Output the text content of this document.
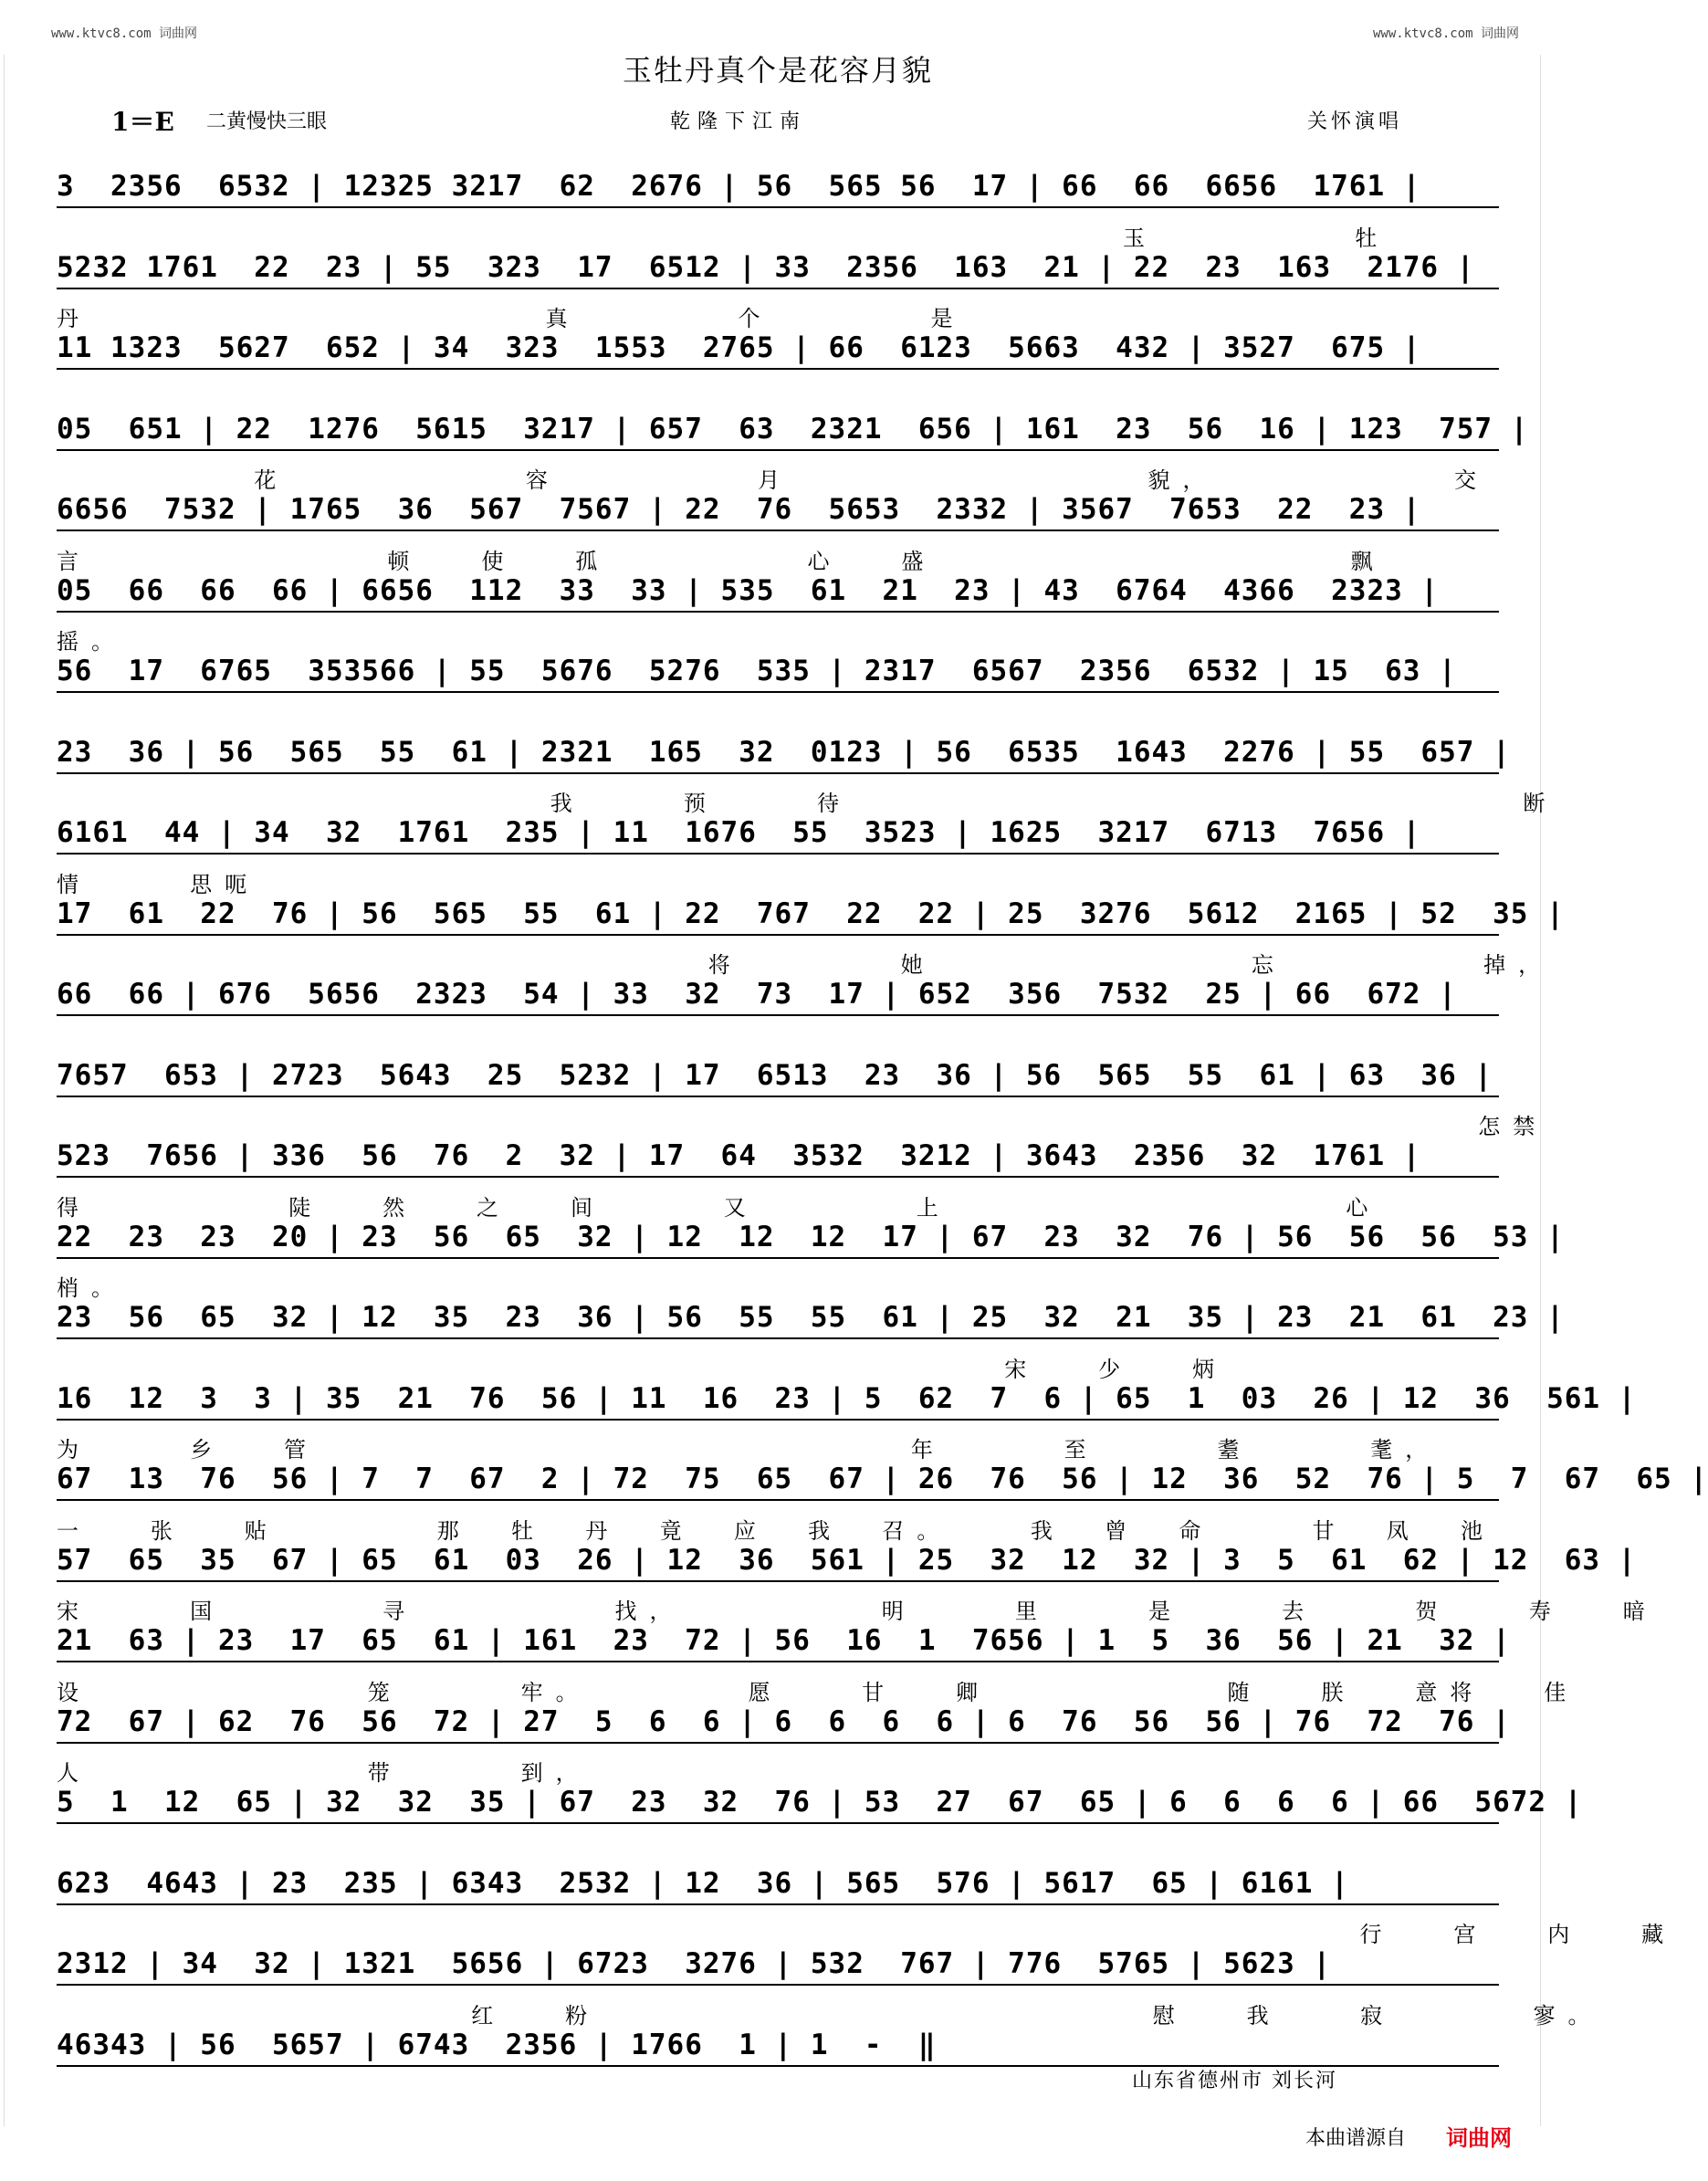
www.ktvc8.com 词曲网	www.ktvc8.com 词曲网
玉牡丹真个是花容月貌
1＝E 二黄慢快三眼	乾隆下江南	关怀演唱
3  2356  6532 | 12325 3217  62  2676 | 56  565 56  17 | 66  66  6656  1761 |
玉          牡
5232 1761  22  23 | 55  323  17  6512 | 33  2356  163  21 | 22  23  163  2176 |
丹                       真        个        是
11 1323  5627  652 | 34  323  1553  2765 | 66  6123  5663  432 | 3527  675 |
05  651 | 22  1276  5615  3217 | 657  63  2321  656 | 161  23  56  16 | 123  757 |
花            容          月                  貌，            交
6656  7532 | 1765  36  567  7567 | 22  76  5653  2332 | 3567  7653  22  23 |
言               顿   使   孤          心   盛                     飘
05  66  66  66 | 6656  112  33  33 | 535  61  21  23 | 43  6764  4366  2323 |
摇。
56  17  6765  353566 | 55  5676  5276  535 | 2317  6567  2356  6532 | 15  63 |
23  36 | 56  565  55  61 | 2321  165  32  0123 | 56  6535  1643  2276 | 55  657 |
我     预     待                                  断
6161  44 | 34  32  1761  235 | 11  1676  55  3523 | 1625  3217  6713  7656 |
情     思呃
17  61  22  76 | 56  565  55  61 | 22  767  22  22 | 25  3276  5612  2165 | 52  35 |
将        她                忘          掉，
66  66 | 676  5656  2323  54 | 33  32  73  17 | 652  356  7532  25 | 66  672 |
7657  653 | 2723  5643  25  5232 | 17  6513  23  36 | 56  565  55  61 | 63  36 |
怎禁
523  7656 | 336  56  76  2  32 | 17  64  3532  3212 | 3643  2356  32  1761 |
得          陡   然   之   间      又        上                    心
22  23  23  20 | 23  56  65  32 | 12  12  12  17 | 67  23  32  76 | 56  56  56  53 |
梢。
23  56  65  32 | 12  35  23  36 | 56  55  55  61 | 25  32  21  35 | 23  21  61  23 |
宋   少   炳
16  12  3  3 | 35  21  76  56 | 11  16  23 | 5  62  7  6 | 65  1  03  26 | 12  36  561 |
为     乡   管                              年      至      耋      耄，
67  13  76  56 | 7  7  67  2 | 72  75  65  67 | 26  76  56 | 12  36  52  76 | 5  7  67  65 |
一   张   贴        那  牡  丹  竟  应  我  召。    我  曾  命     甘  凤  池
57  65  35  67 | 65  61  03  26 | 12  36  561 | 25  32  12  32 | 3  5  61  62 | 12  63 |
宋     国        寻          找，          明     里     是     去     贺    寿   暗
21  63 | 23  17  65  61 | 161  23  72 | 56  16  1  7656 | 1  5  36  56 | 21  32 |
设              笼      牢。        愿    甘   卿            随   朕   意将   佳
72  67 | 62  76  56  72 | 27  5  6  6 | 6  6  6  6 | 6  76  56  56 | 76  72  76 |
人              带      到，
5  1  12  65 | 32  32  35 | 67  23  32  76 | 53  27  67  65 | 6  6  6  6 | 66  5672 |
623  4643 | 23  235 | 6343  2532 | 12  36 | 565  576 | 5617  65 | 6161 |
行   宫   内   藏
2312 | 34  32 | 1321  5656 | 6723  3276 | 532  767 | 776  5765 | 5623 |
红   粉                            慰   我    寂       寥。
46343 | 56  5657 | 6743  2356 | 1766  1 | 1  -  ‖
山东省德州市 刘长河
本曲谱源自 词曲网
